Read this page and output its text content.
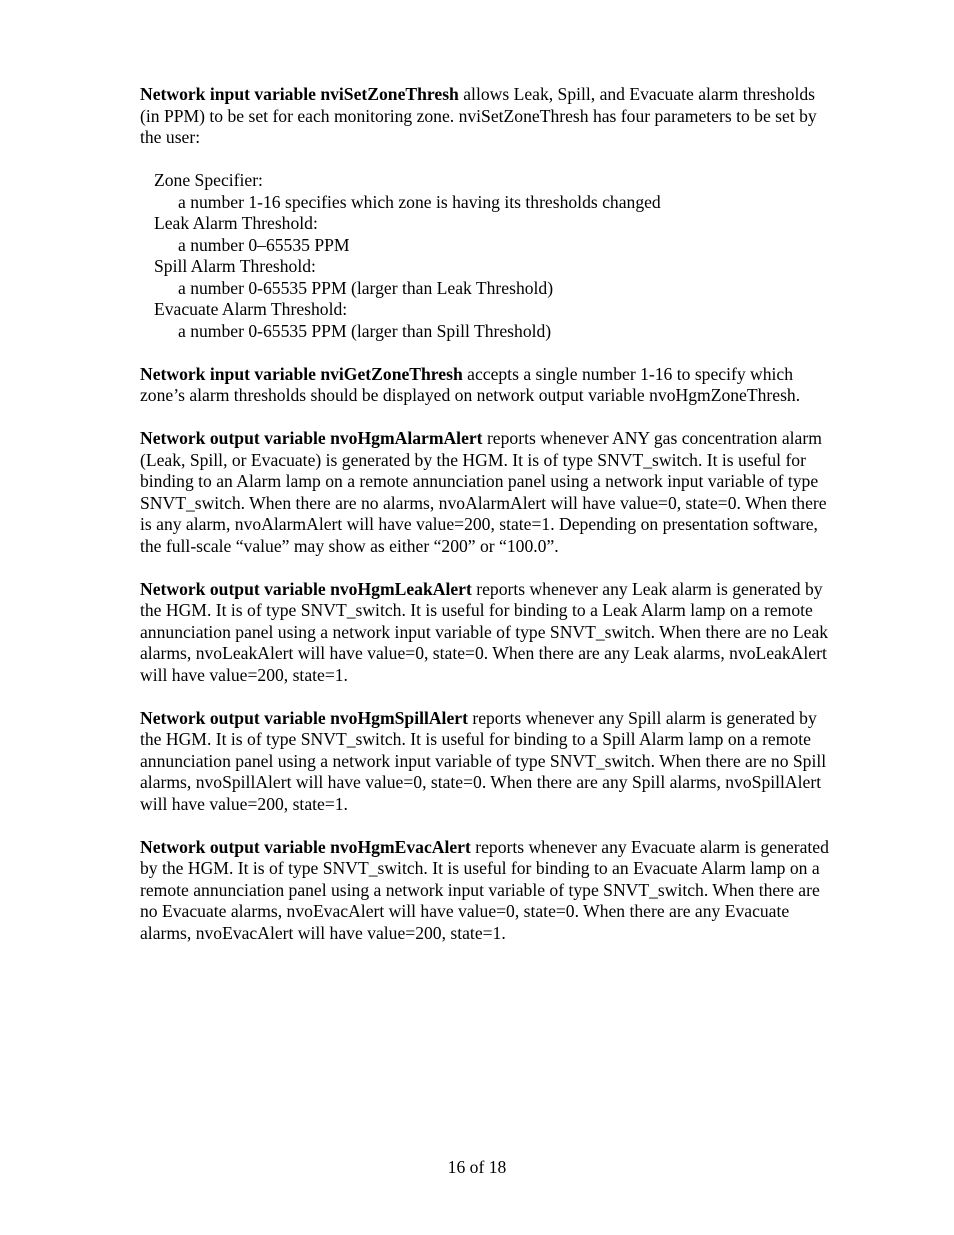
Network input variable nviSetZoneThresh allows Leak, Spill, and Evacuate alarm thresholds (in PPM) to be set for each monitoring zone. nviSetZoneThresh has four parameters to be set by the user:

Zone Specifier:
a number 1-16 specifies which zone is having its thresholds changed
Leak Alarm Threshold:
a number 0–65535 PPM
Spill Alarm Threshold:
a number 0-65535 PPM (larger than Leak Threshold)
Evacuate Alarm Threshold:
a number 0-65535 PPM (larger than Spill Threshold)

Network input variable nviGetZoneThresh accepts a single number 1-16 to specify which zone’s alarm thresholds should be displayed on network output variable nvoHgmZoneThresh.

Network output variable nvoHgmAlarmAlert reports whenever ANY gas concentration alarm (Leak, Spill, or Evacuate) is generated by the HGM. It is of type SNVT_switch. It is useful for binding to an Alarm lamp on a remote annunciation panel using a network input variable of type SNVT_switch. When there are no alarms, nvoAlarmAlert will have value=0, state=0. When there is any alarm, nvoAlarmAlert will have value=200, state=1. Depending on presentation software, the full-scale “value” may show as either “200” or “100.0”.

Network output variable nvoHgmLeakAlert reports whenever any Leak alarm is generated by the HGM. It is of type SNVT_switch. It is useful for binding to a Leak Alarm lamp on a remote annunciation panel using a network input variable of type SNVT_switch. When there are no Leak alarms, nvoLeakAlert will have value=0, state=0. When there are any Leak alarms, nvoLeakAlert will have value=200, state=1.

Network output variable nvoHgmSpillAlert reports whenever any Spill alarm is generated by the HGM. It is of type SNVT_switch. It is useful for binding to a Spill Alarm lamp on a remote annunciation panel using a network input variable of type SNVT_switch. When there are no Spill alarms, nvoSpillAlert will have value=0, state=0. When there are any Spill alarms, nvoSpillAlert will have value=200, state=1.

Network output variable nvoHgmEvacAlert reports whenever any Evacuate alarm is generated by the HGM. It is of type SNVT_switch. It is useful for binding to an Evacuate Alarm lamp on a remote annunciation panel using a network input variable of type SNVT_switch. When there are no Evacuate alarms, nvoEvacAlert will have value=0, state=0. When there are any Evacuate alarms, nvoEvacAlert will have value=200, state=1.

16 of 18
